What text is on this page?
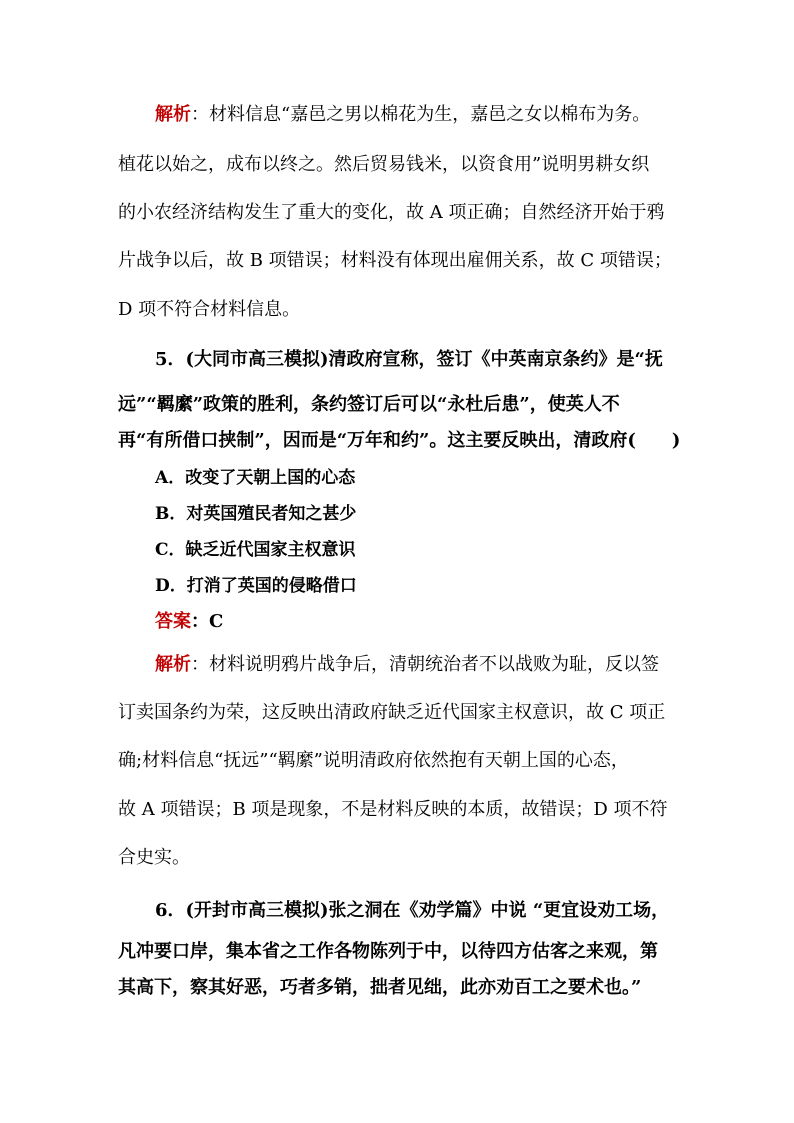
解析：材料信息“嘉邑之男以棉花为生，嘉邑之女以棉布为务。
植花以始之，成布以终之。然后贸易钱米，以资食用”说明男耕女织
的小农经济结构发生了重大的变化，故 A 项正确；自然经济开始于鸦
片战争以后，故 B 项错误；材料没有体现出雇佣关系，故 C 项错误；
D 项不符合材料信息。
5．(大同市高三模拟)清政府宣称，签订《中英南京条约》是“抚
远”“羁縻”政策的胜利，条约签订后可以“永杜后患”，使英人不
再“有所借口挟制”，因而是“万年和约”。这主要反映出，清政府(　　)
A．改变了天朝上国的心态
B．对英国殖民者知之甚少
C．缺乏近代国家主权意识
D．打消了英国的侵略借口
答案：C
解析：材料说明鸦片战争后，清朝统治者不以战败为耻，反以签
订卖国条约为荣，这反映出清政府缺乏近代国家主权意识，故 C 项正
确;材料信息“抚远”“羁縻”说明清政府依然抱有天朝上国的心态，
故 A 项错误；B 项是现象，不是材料反映的本质，故错误；D 项不符
合史实。
6．(开封市高三模拟)张之洞在《劝学篇》中说 “更宜设劝工场，
凡冲要口岸，集本省之工作各物陈列于中，以待四方估客之来观，第
其高下，察其好恶，巧者多销，拙者见绌，此亦劝百工之要术也。”
